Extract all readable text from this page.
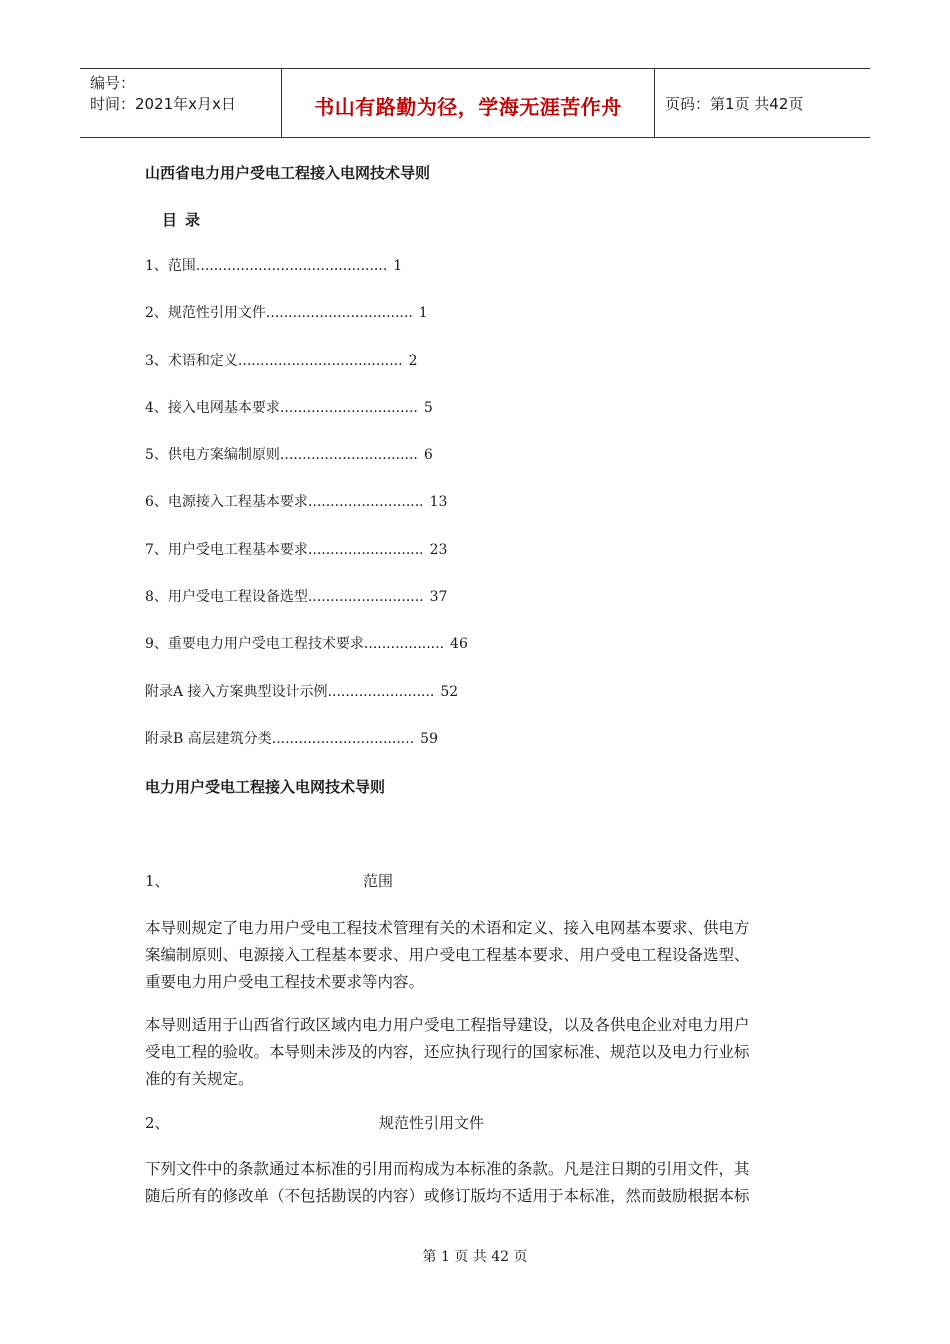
编号：
时间：2021年x月x日	书山有路勤为径，学海无涯苦作舟	页码：第1页 共42页
山西省电力用户受电工程接入电网技术导则
目录
1、范围........................................... 1
2、规范性引用文件................................. 1
3、术语和定义..................................... 2
4、接入电网基本要求............................... 5
5、供电方案编制原则............................... 6
6、电源接入工程基本要求.......................... 13
7、用户受电工程基本要求.......................... 23
8、用户受电工程设备选型.......................... 37
9、重要电力用户受电工程技术要求.................. 46
附录A 接入方案典型设计示例........................ 52
附录B 高层建筑分类................................ 59
电力用户受电工程接入电网技术导则
1、	范围

本导则规定了电力用户受电工程技术管理有关的术语和定义、接入电网基本要求、供电方
案编制原则、电源接入工程基本要求、用户受电工程基本要求、用户受电工程设备选型、
重要电力用户受电工程技术要求等内容。

本导则适用于山西省行政区域内电力用户受电工程指导建设，以及各供电企业对电力用户
受电工程的验收。本导则未涉及的内容，还应执行现行的国家标准、规范以及电力行业标
准的有关规定。

2、	规范性引用文件

下列文件中的条款通过本标准的引用而构成为本标准的条款。凡是注日期的引用文件，其
随后所有的修改单（不包括勘误的内容）或修订版均不适用于本标准，然而鼓励根据本标

第 1 页 共 42 页
